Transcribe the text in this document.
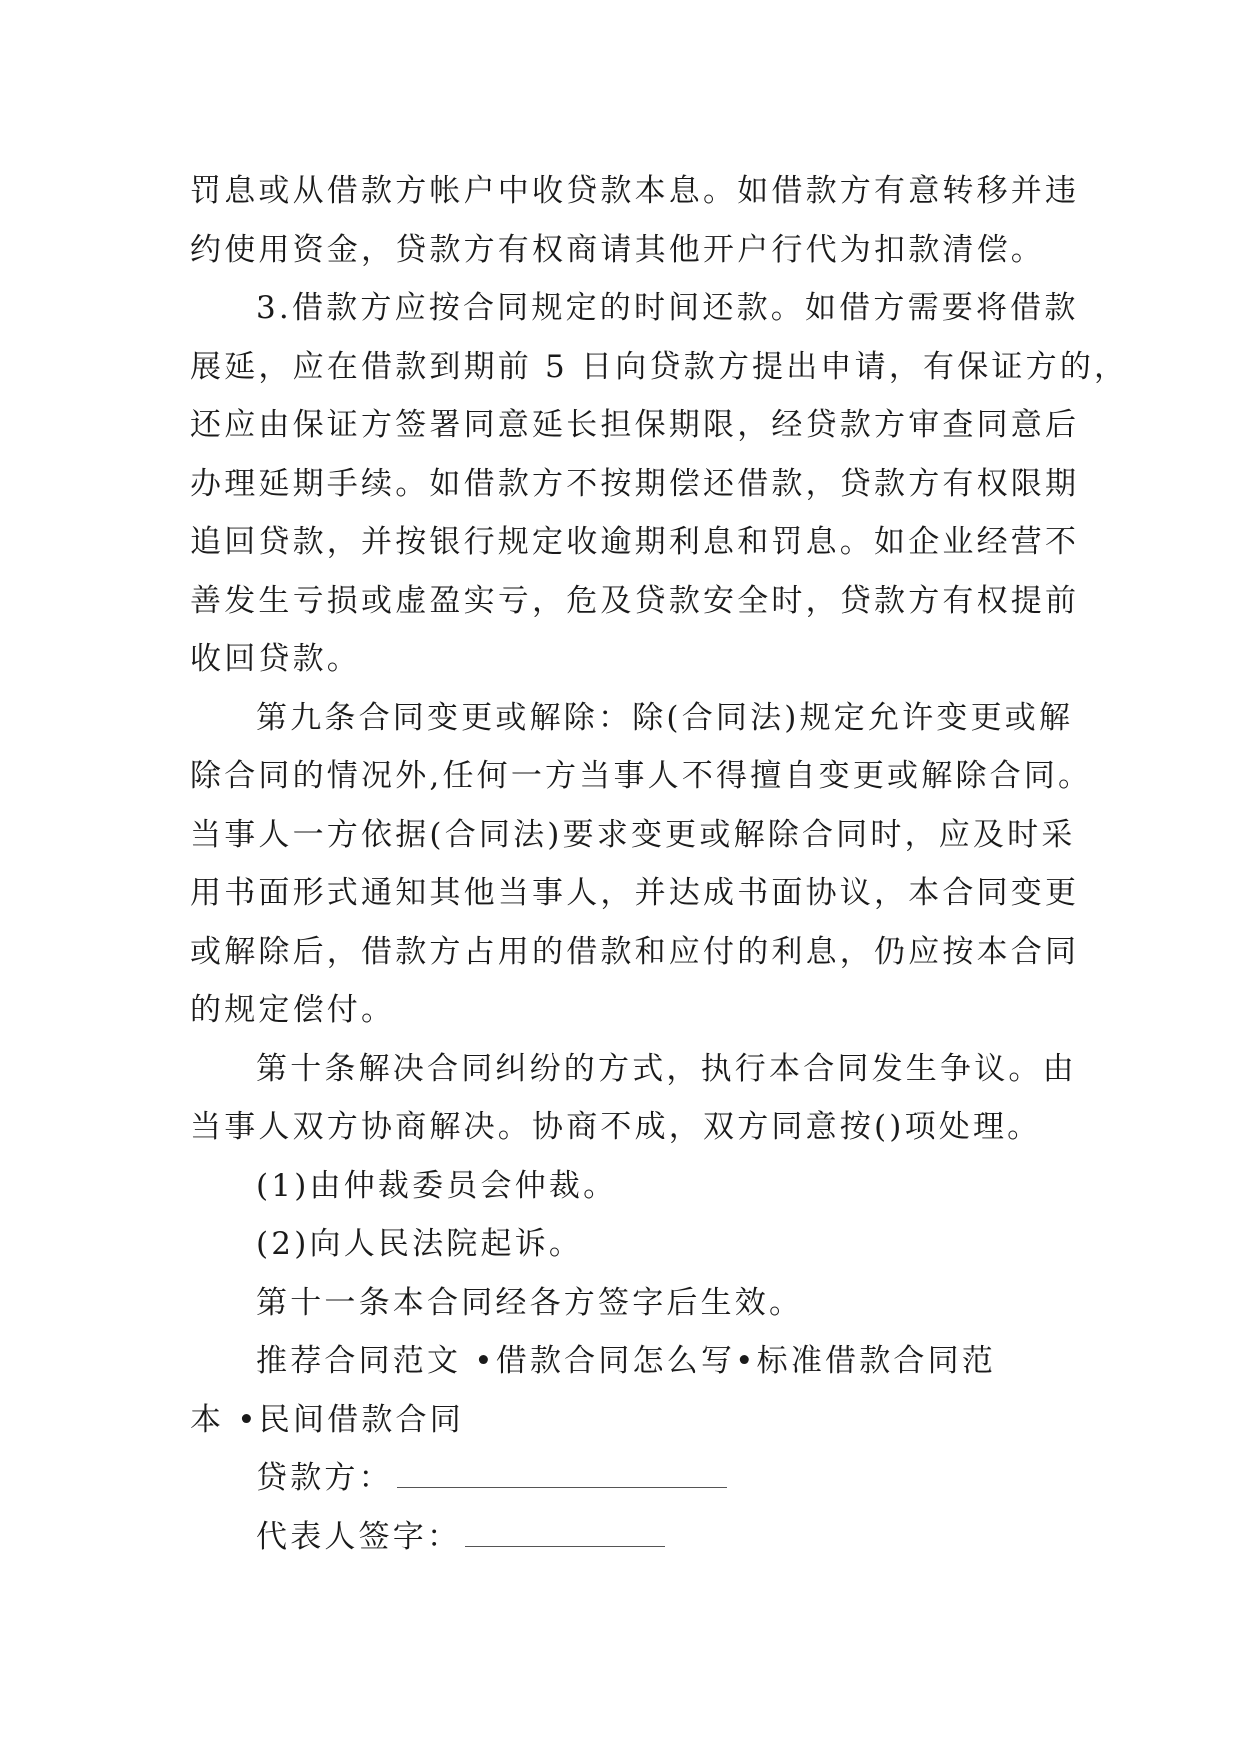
罚息或从借款方帐户中收贷款本息。如借款方有意转移并违
约使用资金，贷款方有权商请其他开户行代为扣款清偿。
3.借款方应按合同规定的时间还款。如借方需要将借款
展延，应在借款到期前 5 日向贷款方提出申请，有保证方的，
还应由保证方签署同意延长担保期限，经贷款方审查同意后
办理延期手续。如借款方不按期偿还借款，贷款方有权限期
追回贷款，并按银行规定收逾期利息和罚息。如企业经营不
善发生亏损或虚盈实亏，危及贷款安全时，贷款方有权提前
收回贷款。
第九条合同变更或解除：除(合同法)规定允许变更或解
除合同的情况外,任何一方当事人不得擅自变更或解除合同。
当事人一方依据(合同法)要求变更或解除合同时，应及时采
用书面形式通知其他当事人，并达成书面协议，本合同变更
或解除后，借款方占用的借款和应付的利息，仍应按本合同
的规定偿付。
第十条解决合同纠纷的方式，执行本合同发生争议。由
当事人双方协商解决。协商不成，双方同意按()项处理。
(1)由仲裁委员会仲裁。
(2)向人民法院起诉。
第十一条本合同经各方签字后生效。
推荐合同范文 •借款合同怎么写•标准借款合同范
本 •民间借款合同
贷款方：
代表人签字：
